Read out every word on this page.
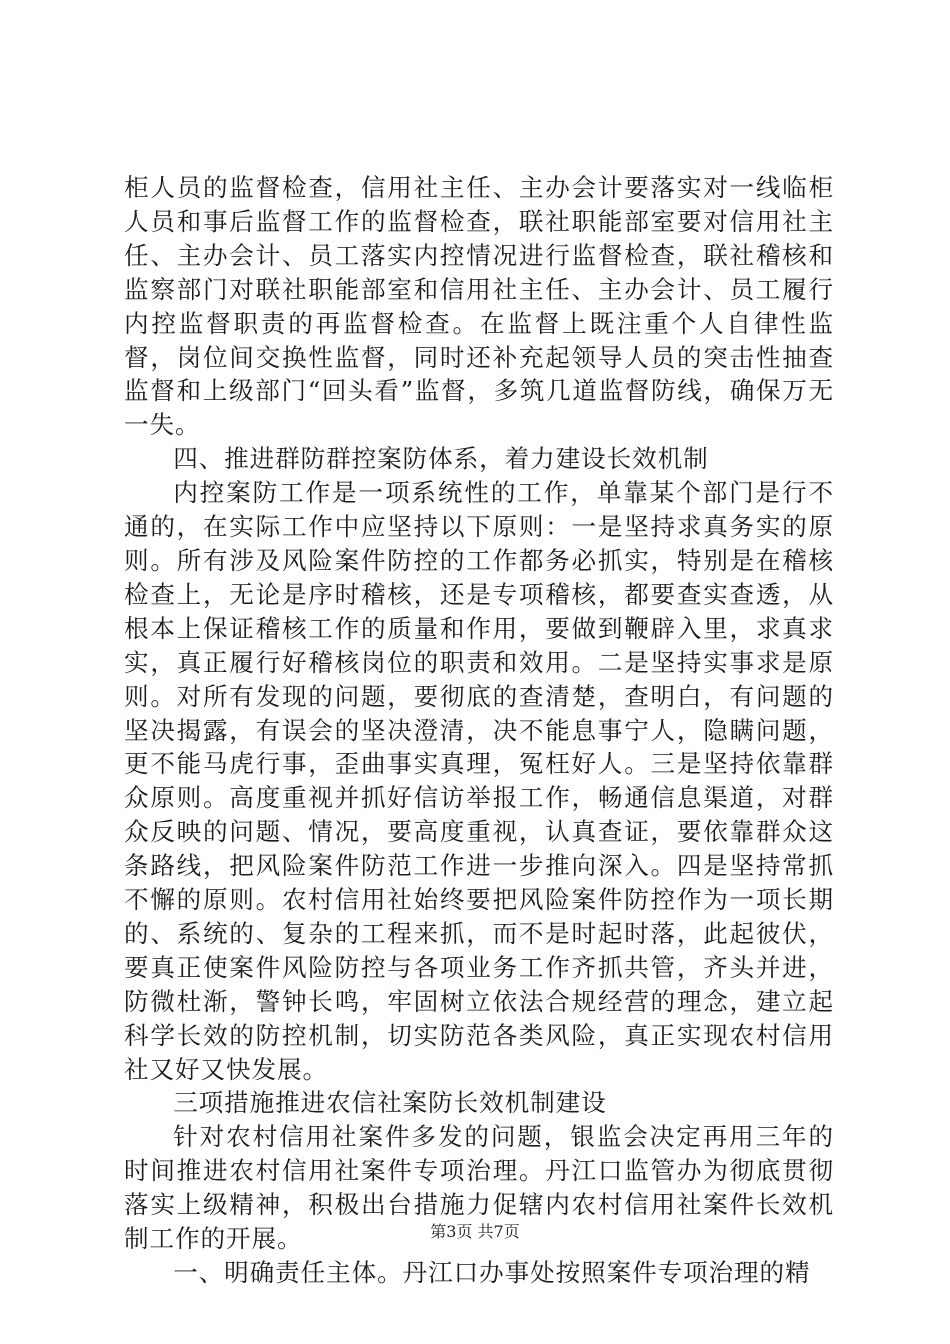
柜人员的监督检查，信用社主任、主办会计要落实对一线临柜人员和事后监督工作的监督检查，联社职能部室要对信用社主任、主办会计、员工落实内控情况进行监督检查，联社稽核和监察部门对联社职能部室和信用社主任、主办会计、员工履行内控监督职责的再监督检查。在监督上既注重个人自律性监督，岗位间交换性监督，同时还补充起领导人员的突击性抽查监督和上级部门“回头看”监督，多筑几道监督防线，确保万无一失。

四、推进群防群控案防体系，着力建设长效机制

内控案防工作是一项系统性的工作，单靠某个部门是行不通的，在实际工作中应坚持以下原则：一是坚持求真务实的原则。所有涉及风险案件防控的工作都务必抓实，特别是在稽核检查上，无论是序时稽核，还是专项稽核，都要查实查透，从根本上保证稽核工作的质量和作用，要做到鞭辟入里，求真求实，真正履行好稽核岗位的职责和效用。二是坚持实事求是原则。对所有发现的问题，要彻底的查清楚，查明白，有问题的坚决揭露，有误会的坚决澄清，决不能息事宁人，隐瞒问题，更不能马虎行事，歪曲事实真理，冤枉好人。三是坚持依靠群众原则。高度重视并抓好信访举报工作，畅通信息渠道，对群众反映的问题、情况，要高度重视，认真查证，要依靠群众这条路线，把风险案件防范工作进一步推向深入。四是坚持常抓不懈的原则。农村信用社始终要把风险案件防控作为一项长期的、系统的、复杂的工程来抓，而不是时起时落，此起彼伏，要真正使案件风险防控与各项业务工作齐抓共管，齐头并进，防微杜渐，警钟长鸣，牢固树立依法合规经营的理念，建立起科学长效的防控机制，切实防范各类风险，真正实现农村信用社又好又快发展。

三项措施推进农信社案防长效机制建设

针对农村信用社案件多发的问题，银监会决定再用三年的时间推进农村信用社案件专项治理。丹江口监管办为彻底贯彻落实上级精神，积极出台措施力促辖内农村信用社案件长效机制工作的开展。

一、明确责任主体。丹江口办事处按照案件专项治理的精

第3页 共7页
